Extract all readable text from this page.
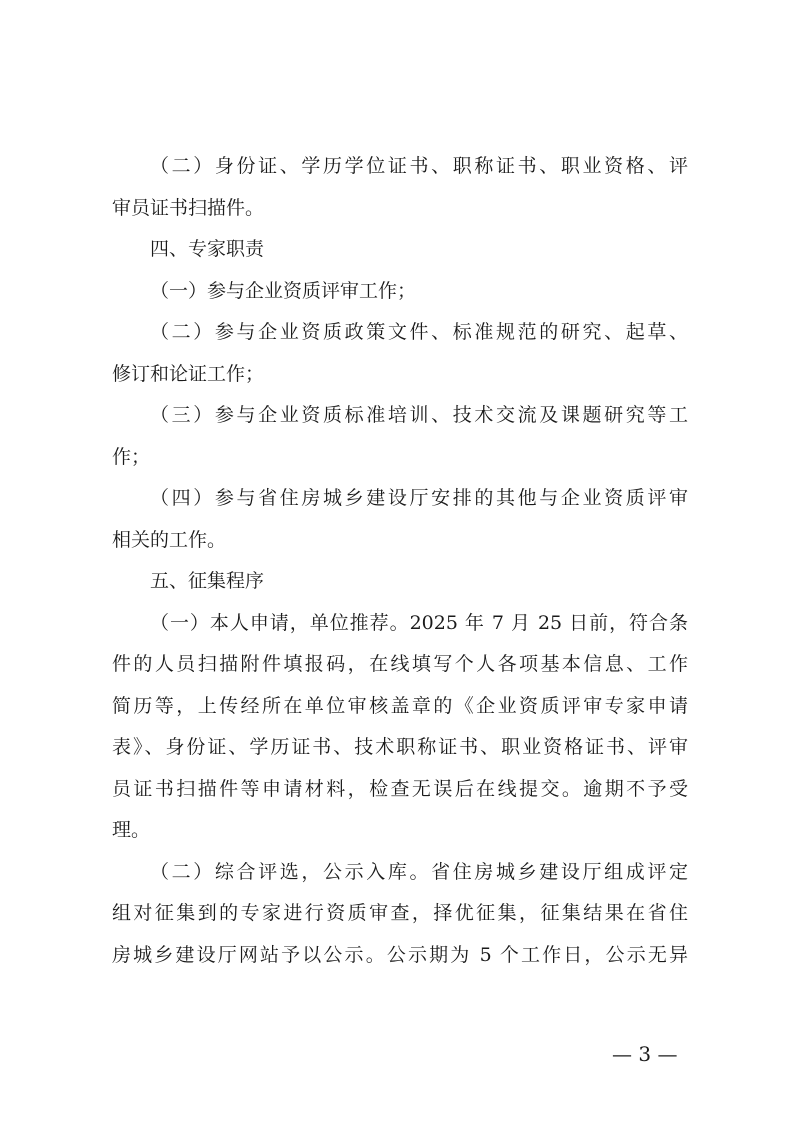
（二）身份证、学历学位证书、职称证书、职业资格、评
审员证书扫描件。
四、专家职责
（一）参与企业资质评审工作；
（二）参与企业资质政策文件、标准规范的研究、起草、
修订和论证工作；
（三）参与企业资质标准培训、技术交流及课题研究等工
作；
（四）参与省住房城乡建设厅安排的其他与企业资质评审
相关的工作。
五、征集程序
（一）本人申请，单位推荐。2025 年 7 月 25 日前，符合条
件的人员扫描附件填报码，在线填写个人各项基本信息、工作
简历等，上传经所在单位审核盖章的《企业资质评审专家申请
表》、身份证、学历证书、技术职称证书、职业资格证书、评审
员证书扫描件等申请材料，检查无误后在线提交。逾期不予受
理。
（二）综合评选，公示入库。省住房城乡建设厅组成评定
组对征集到的专家进行资质审查，择优征集，征集结果在省住
房城乡建设厅网站予以公示。公示期为 5 个工作日，公示无异
— 3 —
